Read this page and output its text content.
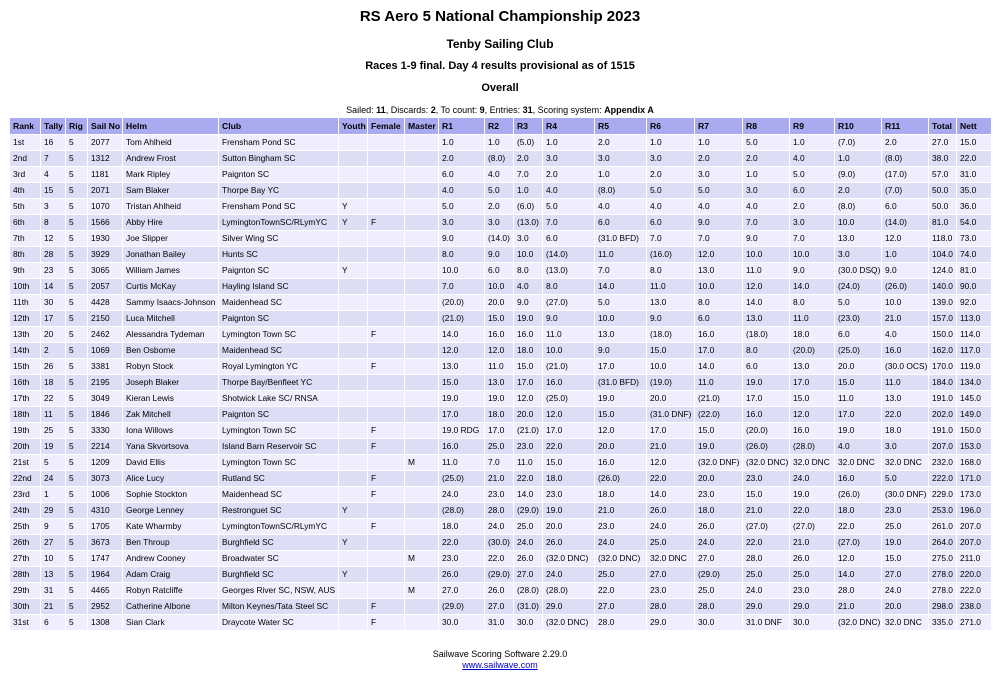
RS Aero 5 National Championship 2023
Tenby Sailing Club
Races 1-9 final. Day 4 results provisional as of 1515
Overall
Sailed: 11, Discards: 2, To count: 9, Entries: 31, Scoring system: Appendix A
Rank	Tally	Rig	Sail No	Helm	Club	Youth	Female	Master	R1	R2	R3	R4	R5	R6	R7	R8	R9	R10	R11	Total	Nett
1st	16	5	2077	Tom Ahlheid	Frensham Pond SC				1.0	1.0	(5.0)	1.0	2.0	1.0	1.0	5.0	1.0	(7.0)	2.0	27.0	15.0
2nd	7	5	1312	Andrew Frost	Sutton Bingham SC				2.0	(8.0)	2.0	3.0	3.0	3.0	2.0	2.0	4.0	1.0	(8.0)	38.0	22.0
3rd	4	5	1181	Mark Ripley	Paignton SC				6.0	4.0	7.0	2.0	1.0	2.0	3.0	1.0	5.0	(9.0)	(17.0)	57.0	31.0
4th	15	5	2071	Sam Blaker	Thorpe Bay YC				4.0	5.0	1.0	4.0	(8.0)	5.0	5.0	3.0	6.0	2.0	(7.0)	50.0	35.0
5th	3	5	1070	Tristan Ahlheid	Frensham Pond SC	Y			5.0	2.0	(6.0)	5.0	4.0	4.0	4.0	4.0	2.0	(8.0)	6.0	50.0	36.0
6th	8	5	1566	Abby Hire	LymingtonTownSC/RLymYC	Y	F		3.0	3.0	(13.0)	7.0	6.0	6.0	9.0	7.0	3.0	10.0	(14.0)	81.0	54.0
7th	12	5	1930	Joe Slipper	Silver Wing SC				9.0	(14.0)	3.0	6.0	(31.0 BFD)	7.0	7.0	9.0	7.0	13.0	12.0	118.0	73.0
8th	28	5	3929	Jonathan Bailey	Hunts SC				8.0	9.0	10.0	(14.0)	11.0	(16.0)	12.0	10.0	10.0	3.0	1.0	104.0	74.0
9th	23	5	3065	William James	Paignton SC	Y			10.0	6.0	8.0	(13.0)	7.0	8.0	13.0	11.0	9.0	(30.0 DSQ)	9.0	124.0	81.0
10th	14	5	2057	Curtis McKay	Hayling Island SC				7.0	10.0	4.0	8.0	14.0	11.0	10.0	12.0	14.0	(24.0)	(26.0)	140.0	90.0
11th	30	5	4428	Sammy Isaacs-Johnson	Maidenhead SC				(20.0)	20.0	9.0	(27.0)	5.0	13.0	8.0	14.0	8.0	5.0	10.0	139.0	92.0
12th	17	5	2150	Luca Mitchell	Paignton SC				(21.0)	15.0	19.0	9.0	10.0	9.0	6.0	13.0	11.0	(23.0)	21.0	157.0	113.0
13th	20	5	2462	Alessandra Tydeman	Lymington Town SC		F		14.0	16.0	16.0	11.0	13.0	(18.0)	16.0	(18.0)	18.0	6.0	4.0	150.0	114.0
14th	2	5	1069	Ben Osborne	Maidenhead SC				12.0	12.0	18.0	10.0	9.0	15.0	17.0	8.0	(20.0)	(25.0)	16.0	162.0	117.0
15th	26	5	3381	Robyn Stock	Royal Lymington YC		F		13.0	11.0	15.0	(21.0)	17.0	10.0	14.0	6.0	13.0	20.0	(30.0 OCS)	170.0	119.0
16th	18	5	2195	Joseph Blaker	Thorpe Bay/Benfleet YC				15.0	13.0	17.0	16.0	(31.0 BFD)	(19.0)	11.0	19.0	17.0	15.0	11.0	184.0	134.0
17th	22	5	3049	Kieran Lewis	Shotwick Lake SC/ RNSA				19.0	19.0	12.0	(25.0)	19.0	20.0	(21.0)	17.0	15.0	11.0	13.0	191.0	145.0
18th	11	5	1846	Zak Mitchell	Paignton SC				17.0	18.0	20.0	12.0	15.0	(31.0 DNF)	(22.0)	16.0	12.0	17.0	22.0	202.0	149.0
19th	25	5	3330	Iona Willows	Lymington Town SC		F		19.0 RDG	17.0	(21.0)	17.0	12.0	17.0	15.0	(20.0)	16.0	19.0	18.0	191.0	150.0
20th	19	5	2214	Yana Skvortsova	Island Barn Reservoir SC		F		16.0	25.0	23.0	22.0	20.0	21.0	19.0	(26.0)	(28.0)	4.0	3.0	207.0	153.0
21st	5	5	1209	David Ellis	Lymington Town SC			M	11.0	7.0	11.0	15.0	16.0	12.0	(32.0 DNF)	(32.0 DNC)	32.0 DNC	32.0 DNC	32.0 DNC	232.0	168.0
22nd	24	5	3073	Alice Lucy	Rutland SC		F		(25.0)	21.0	22.0	18.0	(26.0)	22.0	20.0	23.0	24.0	16.0	5.0	222.0	171.0
23rd	1	5	1006	Sophie Stockton	Maidenhead SC		F		24.0	23.0	14.0	23.0	18.0	14.0	23.0	15.0	19.0	(26.0)	(30.0 DNF)	229.0	173.0
24th	29	5	4310	George Lenney	Restronguet SC	Y			(28.0)	28.0	(29.0)	19.0	21.0	26.0	18.0	21.0	22.0	18.0	23.0	253.0	196.0
25th	9	5	1705	Kate Wharmby	LymingtonTownSC/RLymYC		F		18.0	24.0	25.0	20.0	23.0	24.0	26.0	(27.0)	(27.0)	22.0	25.0	261.0	207.0
26th	27	5	3673	Ben Throup	Burghfield SC	Y			22.0	(30.0)	24.0	26.0	24.0	25.0	24.0	22.0	21.0	(27.0)	19.0	264.0	207.0
27th	10	5	1747	Andrew Cooney	Broadwater SC			M	23.0	22.0	26.0	(32.0 DNC)	(32.0 DNC)	32.0 DNC	27.0	28.0	26.0	12.0	15.0	275.0	211.0
28th	13	5	1964	Adam Craig	Burghfield SC	Y			26.0	(29.0)	27.0	24.0	25.0	27.0	(29.0)	25.0	25.0	14.0	27.0	278.0	220.0
29th	31	5	4465	Robyn Ratcliffe	Georges River SC, NSW, AUS			M	27.0	26.0	(28.0)	(28.0)	22.0	23.0	25.0	24.0	23.0	28.0	24.0	278.0	222.0
30th	21	5	2952	Catherine Albone	Milton Keynes/Tata Steel SC		F		(29.0)	27.0	(31.0)	29.0	27.0	28.0	28.0	29.0	29.0	21.0	20.0	298.0	238.0
31st	6	5	1308	Sian Clark	Draycote Water SC		F		30.0	31.0	30.0	(32.0 DNC)	28.0	29.0	30.0	31.0 DNF	30.0	(32.0 DNC)	32.0 DNC	335.0	271.0
Sailwave Scoring Software 2.29.0
www.sailwave.com
